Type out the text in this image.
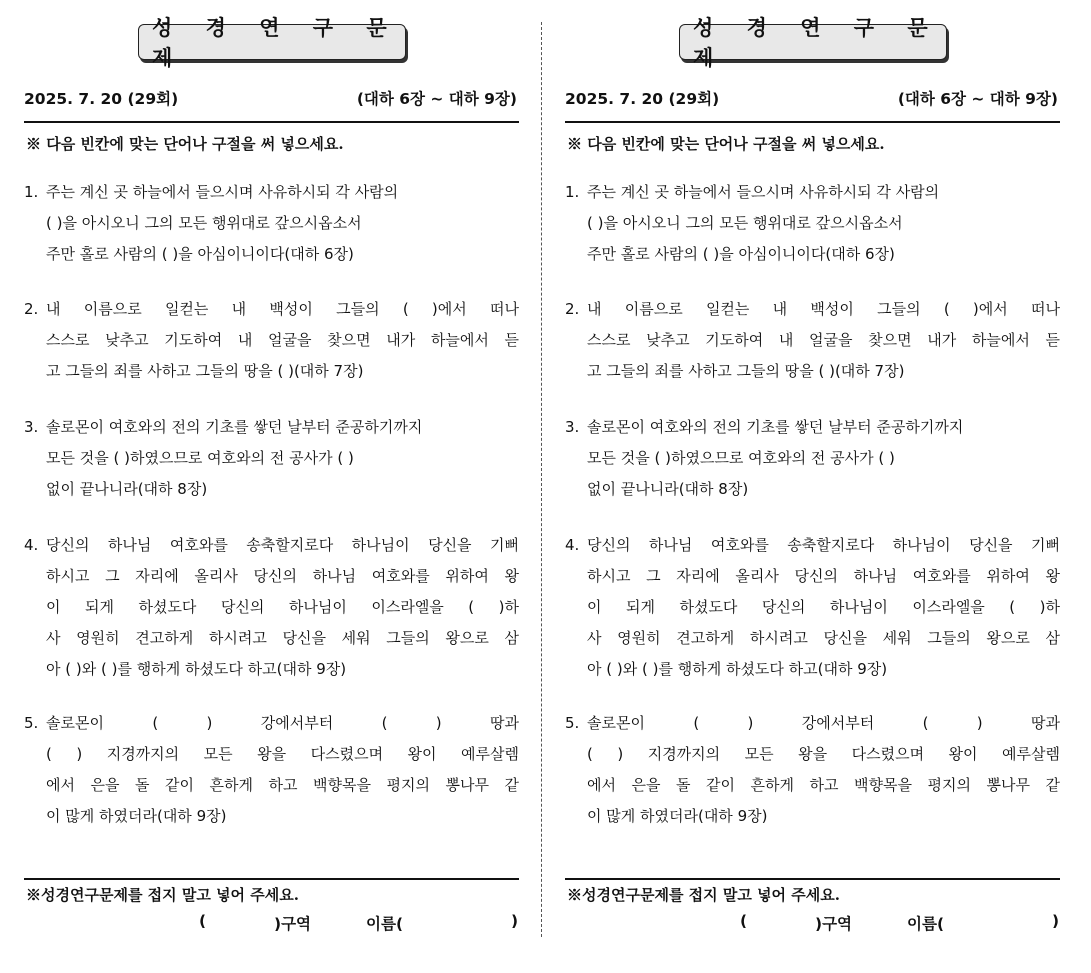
성 경 연 구 문 제
2025. 7. 20 (29회)	(대하 6장 ~ 대하 9장)
※ 다음 빈칸에 맞는 단어나 구절을 써 넣으세요.
1. 주는 계신 곳 하늘에서 들으시며 사유하시되 각 사람의
( )을 아시오니 그의 모든 행위대로 갚으시옵소서
주만 홀로 사람의 ( )을 아심이니이다(대하 6장)
2. 내 이름으로 일컫는 내 백성이 그들의 ( )에서 떠나
스스로 낮추고 기도하여 내 얼굴을 찾으면 내가 하늘에서 듣
고 그들의 죄를 사하고 그들의 땅을 ( )(대하 7장)
3. 솔로몬이 여호와의 전의 기초를 쌓던 날부터 준공하기까지
모든 것을 ( )하였으므로 여호와의 전 공사가 ( )
없이 끝나니라(대하 8장)
4. 당신의 하나님 여호와를 송축할지로다 하나님이 당신을 기뻐
하시고 그 자리에 올리사 당신의 하나님 여호와를 위하여 왕
이 되게 하셨도다 당신의 하나님이 이스라엘을 ( )하
사 영원히 견고하게 하시려고 당신을 세워 그들의 왕으로 삼
아 ( )와 ( )를 행하게 하셨도다 하고(대하 9장)
5. 솔로몬이 ( ) 강에서부터 ( ) 땅과
( ) 지경까지의 모든 왕을 다스렸으며 왕이 예루살렘
에서 은을 돌 같이 흔하게 하고 백향목을 평지의 뽕나무 같
이 많게 하였더라(대하 9장)
※성경연구문제를 접지 말고 넣어 주세요.
(	)구역	이름(	)
성 경 연 구 문 제
2025. 7. 20 (29회)	(대하 6장 ~ 대하 9장)
※ 다음 빈칸에 맞는 단어나 구절을 써 넣으세요.
1. 주는 계신 곳 하늘에서 들으시며 사유하시되 각 사람의
( )을 아시오니 그의 모든 행위대로 갚으시옵소서
주만 홀로 사람의 ( )을 아심이니이다(대하 6장)
2. 내 이름으로 일컫는 내 백성이 그들의 ( )에서 떠나
스스로 낮추고 기도하여 내 얼굴을 찾으면 내가 하늘에서 듣
고 그들의 죄를 사하고 그들의 땅을 ( )(대하 7장)
3. 솔로몬이 여호와의 전의 기초를 쌓던 날부터 준공하기까지
모든 것을 ( )하였으므로 여호와의 전 공사가 ( )
없이 끝나니라(대하 8장)
4. 당신의 하나님 여호와를 송축할지로다 하나님이 당신을 기뻐
하시고 그 자리에 올리사 당신의 하나님 여호와를 위하여 왕
이 되게 하셨도다 당신의 하나님이 이스라엘을 ( )하
사 영원히 견고하게 하시려고 당신을 세워 그들의 왕으로 삼
아 ( )와 ( )를 행하게 하셨도다 하고(대하 9장)
5. 솔로몬이 ( ) 강에서부터 ( ) 땅과
( ) 지경까지의 모든 왕을 다스렸으며 왕이 예루살렘
에서 은을 돌 같이 흔하게 하고 백향목을 평지의 뽕나무 같
이 많게 하였더라(대하 9장)
※성경연구문제를 접지 말고 넣어 주세요.
(	)구역	이름(	)
